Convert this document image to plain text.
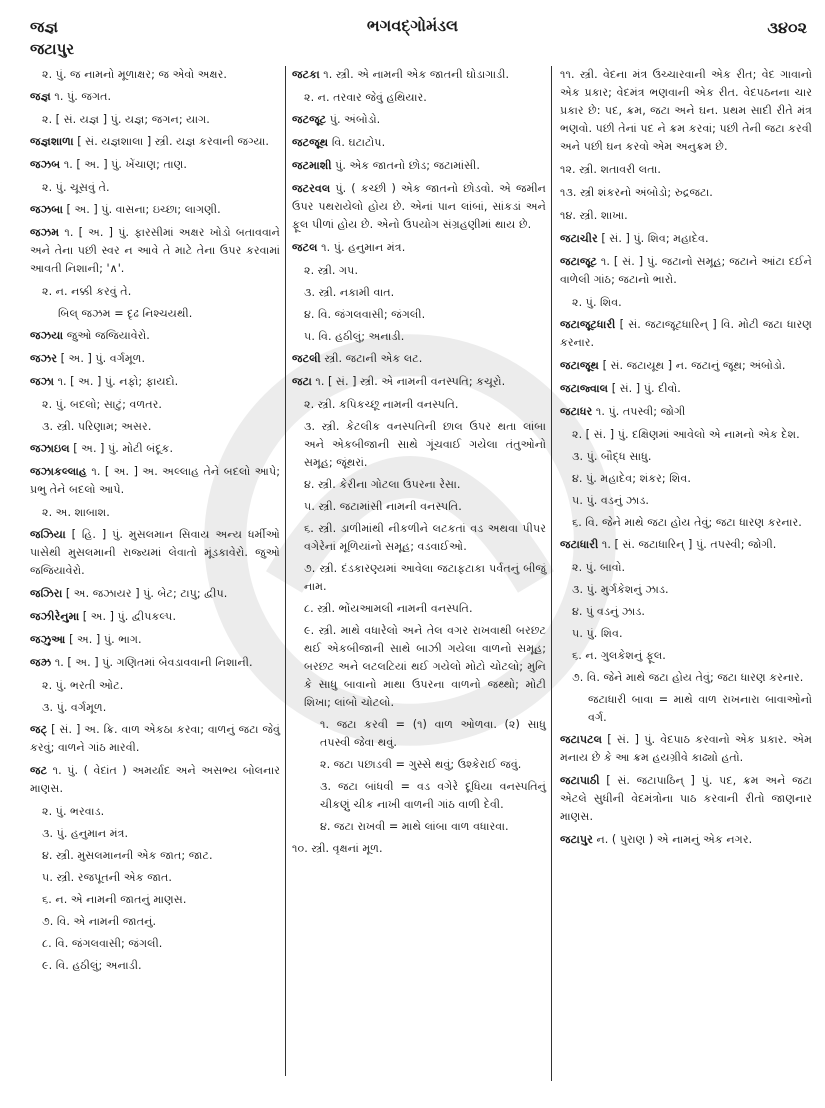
જજ્ઞ
જટાપુર
ભગવદ્ગોમંડલ	૩૪૦૨
૨. પું. જ નામનો મૂળાક્ષર; જ એવો અક્ષર.
જજ્ઞ ૧. પું. જગત.
૨. [ સં. યજ્ઞ ] પું. યજ્ઞ; જગન; યાગ.
જજ્ઞશાળા [ સં. યજ્ઞશાલા ] સ્ત્રી. યજ્ઞ કરવાની જગ્યા.
જઝબ ૧. [ અ. ] પું. ખેંચાણ; તાણ.
૨. પું. ચૂસવું તે.
જઝબા [ અ. ] પું. વાસના; ઇચ્છા; લાગણી.
જઝમ ૧. [ અ. ] પું. ફારસીમાં અક્ષર ખોડો બતાવવાને અને તેના પછી સ્વર ન આવે તે માટે તેના ઉપર કરવામાં આવતી નિશાની; '∧'.
૨. ન. નક્કી કરવું તે.
બિલ્ જઝમ = દૃઢ નિશ્ચયથી.
જઝયા જુઓ જજિયાવેરો.
જઝર [ અ. ] પું. વર્ગમૂળ.
જઝા ૧. [ અ. ] પું. નફો; ફાયદો.
૨. પું. બદલો; સાટું; વળતર.
૩. સ્ત્રી. પરિણામ; અસર.
જઝાઇલ [ અ. ] પું. મોટી બંદૂક.
જઝાકલ્લાહ ૧. [ અ. ] અ. અલ્લાહ તેને બદલો આપે; પ્રભુ તેને બદલો આપે.
૨. અ. શાબાશ.
જઝિયા [ હિ. ] પું. મુસલમાન સિવાય અન્ય ધર્મીઓ પાસેથી મુસલમાની રાજ્યમાં લેવાતો મૂંડકાવેરો. જુઓ જજિયાવેરો.
જઝિરા [ અ. જઝાયર ] પું. બેટ; ટાપુ; દ્વીપ.
જઝીરેનુમા [ અ. ] પું. દ્વીપકલ્પ.
જઝુઆ [ અ. ] પું. ભાગ.
જઝ્ર ૧. [ અ. ] પું. ગણિતમાં બેવડાવવાની નિશાની.
૨. પું. ભરતી ઓટ.
૩. પું. વર્ગમૂળ.
જટ્ [ સં. ] અ. ક્રિ. વાળ એકઠા કરવા; વાળનું જટા જેવું કરવું; વાળને ગાંઠ મારવી.
જટ ૧. પું. ( વેદાંત ) અમર્યાદ અને અસભ્ય બોલનાર માણસ.
૨. પું. ભરવાડ.
૩. પું. હનુમાન મંત્ર.
૪. સ્ત્રી. મુસલમાનની એક જાત; જાટ.
૫. સ્ત્રી. રજપૂતની એક જાત.
૬. ન. એ નામની જાતનું માણસ.
૭. વિ. એ નામની જાતનું.
૮. વિ. જંગલવાસી; જંગલી.
૯. વિ. હઠીલું; અનાડી.
જટકા ૧. સ્ત્રી. એ નામની એક જાતની ઘોડાગાડી.
૨. ન. તરવાર જેવું હથિયાર.
જટજૂટ પું. અંબોડો.
જટજૂથ વિ. ઘટાટોપ.
જટમાશી પું. એક જાતનો છોડ; જટામાંસી.
જટરવલ પું. ( કચ્છી ) એક જાતનો છોડવો. એ જમીન ઉપર પથરાયેલો હોય છે. એનાં પાન લાંબાં, સાંકડાં અને ફૂલ પીળાં હોય છે. એનો ઉપયોગ સંગ્રહણીમાં થાય છે.
જટલ ૧. પું. હનુમાન મંત્ર.
૨. સ્ત્રી. ગપ.
૩. સ્ત્રી. નકામી વાત.
૪. વિ. જંગલવાસી; જંગલી.
૫. વિ. હઠીલું; અનાડી.
જટલી સ્ત્રી. જટાની એક લટ.
જટા ૧. [ સં. ] સ્ત્રી. એ નામની વનસ્પતિ; કચૂરો.
૨. સ્ત્રી. કપિકચ્છૂ નામની વનસ્પતિ.
૩. સ્ત્રી. કેટલીક વનસ્પતિની છાલ ઉપર થતા લાંબા અને એકબીજાની સાથે ગૂંચવાઈ ગયેલા તંતુઓનો સમૂહ; જૂંથરાં.
૪. સ્ત્રી. કેરીના ગોટલા ઉપરના રેસા.
૫. સ્ત્રી. જટામાંસી નામની વનસ્પતિ.
૬. સ્ત્રી. ડાળીમાંથી નીકળીને લટકતાં વડ અથવા પીપર વગેરેનાં મૂળિયાંનો સમૂહ; વડવાઈઓ.
૭. સ્ત્રી. દંડકારણ્યમાં આવેલા જટાફટાકા પર્વતનું બીજું નામ.
૮. સ્ત્રી. ભોંયઆમલી નામની વનસ્પતિ.
૯. સ્ત્રી. માથે વધારેલો અને તેલ વગર રાખવાથી બરછટ થઈ એકબીજાની સાથે બાઝી ગયેલા વાળનો સમૂહ; બરછટ અને લટલટિયાં થઈ ગયેલો મોટો ચોટલો; મુનિ કે સાધુ બાવાનો માથા ઉપરના વાળનો જથ્થો; મોટી શિખા; લાંબો ચોટલો.
૧. જટા કરવી = (૧) વાળ ઓળવા. (૨) સાધુ તપસ્વી જેવા થવું.
૨. જટા પછાડવી = ગુસ્સે થવું; ઉશ્કેરાઈ જવું.
૩. જટા બાંધવી = વડ વગેરે દૂધિયા વનસ્પતિનું ચીકણું ચીક નાખી વાળની ગાંઠ વાળી દેવી.
૪. જટા રાખવી = માથે લાંબા વાળ વધારવા.
૧૦. સ્ત્રી. વૃક્ષનાં મૂળ.
૧૧. સ્ત્રી. વેદના મંત્ર ઉચ્ચારવાની એક રીત; વેદ ગાવાનો એક પ્રકાર; વેદમંત્ર ભણવાની એક રીત. વેદપઠનના ચાર પ્રકાર છે: પદ, ક્રમ, જટા અને ઘન. પ્રથમ સાદી રીતે મંત્ર ભણવો. પછી તેનાં પદ ને ક્રમ કરવાં; પછી તેની જટા કરવી અને પછી ઘન કરવો એમ અનુક્રમ છે.
૧૨. સ્ત્રી. શતાવરી લતા.
૧૩. સ્ત્રી શંકરનો અંબોડો; રુદ્રજટા.
૧૪. સ્ત્રી. શાખા.
જટાચીર [ સં. ] પું. શિવ; મહાદેવ.
જટાજૂટ ૧. [ સં. ] પું. જટાનો સમૂહ; જટાને આંટા દઈને વાળેલી ગાંઠ; જટાનો ભારો.
૨. પું. શિવ.
જટાજૂટધારી [ સં. જટાજૂટધારિન્ ] વિ. મોટી જટા ધારણ કરનાર.
જટાજૂથ [ સં. જટાયૂથ ] ન. જટાનું જૂથ; અંબોડો.
જટાજ્વાલ [ સં. ] પું. દીવો.
જટાધર ૧. પું. તપસ્વી; જોગી
૨. [ સં. ] પું. દક્ષિણમાં આવેલો એ નામનો એક દેશ.
૩. પું. બૌદ્ધ સાધુ.
૪. પું. મહાદેવ; શંકર; શિવ.
૫. પું. વડનું ઝાડ.
૬. વિ. જેને માથે જટા હોય તેવું; જટા ધારણ કરનાર.
જટાધારી ૧. [ સં. જટાધારિન્ ] પું. તપસ્વી; જોગી.
૨. પું. બાવો.
૩. પું. મુર્ગકેશનું ઝાડ.
૪. પું વડનું ઝાડ.
૫. પું. શિવ.
૬. ન. ગુલકેશનું ફૂલ.
૭. વિ. જેને માથે જટા હોય તેવું; જટા ધારણ કરનાર.
જટાધારી બાવા = માથે વાળ રાખનારા બાવાઓનો વર્ગ.
જટાપટલ [ સં. ] પું. વેદપાઠ કરવાનો એક પ્રકાર. એમ મનાય છે કે આ ક્રમ હયગ્રીવે કાઢ્યો હતો.
જટાપાઠી [ સં. જટાપાઠિન્ ] પું. પદ, ક્રમ અને જટા એટલે સુધીની વેદમંત્રોના પાઠ કરવાની રીતો જાણનાર માણસ.
જટાપુર ન. ( પુરાણ ) એ નામનું એક નગર.
